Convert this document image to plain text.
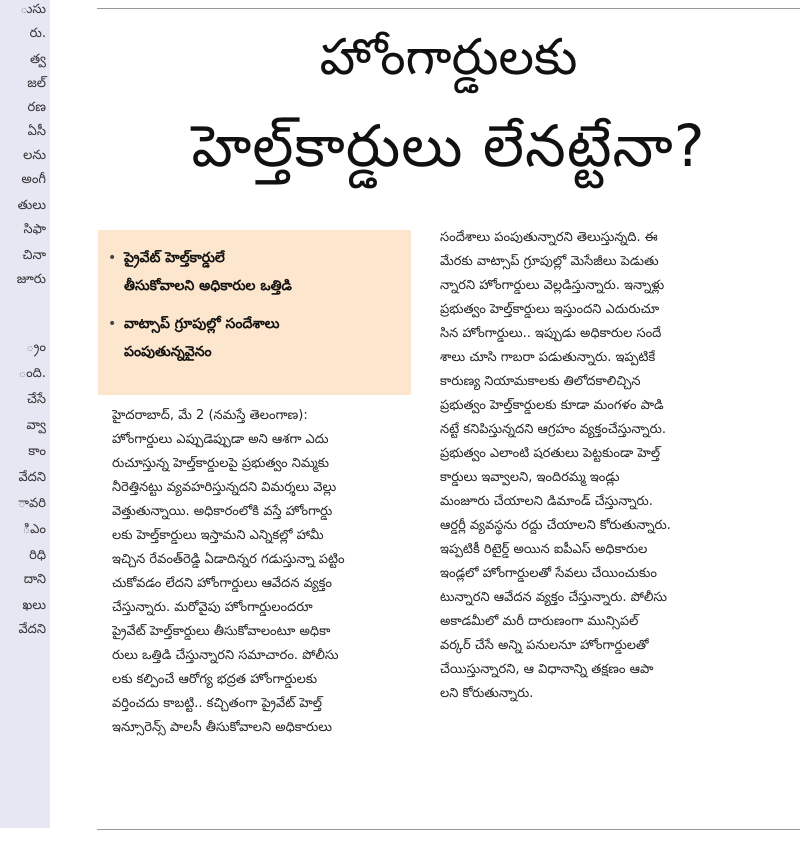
ుసు
రు.
త్వ
జల్
రణ
ఏసీ
లను
అంగీ
తులు
సిఫా
చినా
జూరు
్రం
ంది.
చేసే
వ్వా
కాం
వేదని
ావరి
ిఎం
రిధి
దాని
ఖలు
వేదని
హోంగార్డులకు
హెల్త్‌కార్డులు లేనట్టేనా?
• ప్రైవేట్ హెల్త్‌కార్డులే
తీసుకోవాలని అధికారుల ఒత్తిడి
• వాట్సాప్ గ్రూపుల్లో సందేశాలు
పంపుతున్నవైనం
హైదరాబాద్, మే 2 (నమస్తే తెలంగాణ):
హోంగార్డులు ఎప్పుడెప్పుడా అని ఆశగా ఎదు
రుచూస్తున్న హెల్త్‌కార్డులపై ప్రభుత్వం నిమ్మకు
నీరెత్తినట్టు వ్యవహరిస్తున్నదని విమర్శలు వెల్లు
వెత్తుతున్నాయి. అధికారంలోకి వస్తే హోంగార్డు
లకు హెల్త్‌కార్డులు ఇస్తామని ఎన్నికల్లో హామీ
ఇచ్చిన రేవంత్‌రెడ్డి ఏడాదిన్నర గడుస్తున్నా పట్టిం
చుకోవడం లేదని హోంగార్డులు ఆవేదన వ్యక్తం
చేస్తున్నారు. మరోవైపు హోంగార్డులందరూ
ప్రైవేట్ హెల్త్‌కార్డులు తీసుకోవాలంటూ అధికా
రులు ఒత్తిడి చేస్తున్నారని సమాచారం. పోలీసు
లకు కల్పించే ఆరోగ్య భద్రత హోంగార్డులకు
వర్తించదు కాబట్టి.. కచ్చితంగా ప్రైవేట్ హెల్త్
ఇన్సూరెన్స్ పాలసీ తీసుకోవాలని అధికారులు
సందేశాలు పంపుతున్నారని తెలుస్తున్నది. ఈ
మేరకు వాట్సాప్ గ్రూపుల్లో మెసేజీలు పెడుతు
న్నారని హోంగార్డులు వెల్లడిస్తున్నారు. ఇన్నాళ్లు
ప్రభుత్వం హెల్త్‌కార్డులు ఇస్తుందని ఎదురుచూ
సిన హోంగార్డులు.. ఇప్పుడు అధికారుల సందే
శాలు చూసి గాబరా పడుతున్నారు. ఇప్పటికే
కారుణ్య నియామకాలకు తిలోదకాలిచ్చిన
ప్రభుత్వం హెల్త్‌కార్డులకు కూడా మంగళం పాడి
నట్టే కనిపిస్తున్నదని ఆగ్రహం వ్యక్తంచేస్తున్నారు.
ప్రభుత్వం ఎలాంటి షరతులు పెట్టకుండా హెల్త్
కార్డులు ఇవ్వాలని, ఇందిరమ్మ ఇండ్లు
మంజూరు చేయాలని డిమాండ్ చేస్తున్నారు.
ఆర్డర్లీ వ్యవస్థను రద్దు చేయాలని కోరుతున్నారు.
ఇప్పటికీ రిటైర్డ్ అయిన ఐపీఎస్ అధికారుల
ఇండ్లలో హోంగార్డులతో సేవలు చేయించుకుం
టున్నారని ఆవేదన వ్యక్తం చేస్తున్నారు. పోలీసు
అకాడమీలో మరీ దారుణంగా మున్సిపల్
వర్కర్ చేసే అన్ని పనులనూ హోంగార్డులతో
చేయిస్తున్నారని, ఆ విధానాన్ని తక్షణం ఆపా
లని కోరుతున్నారు.
